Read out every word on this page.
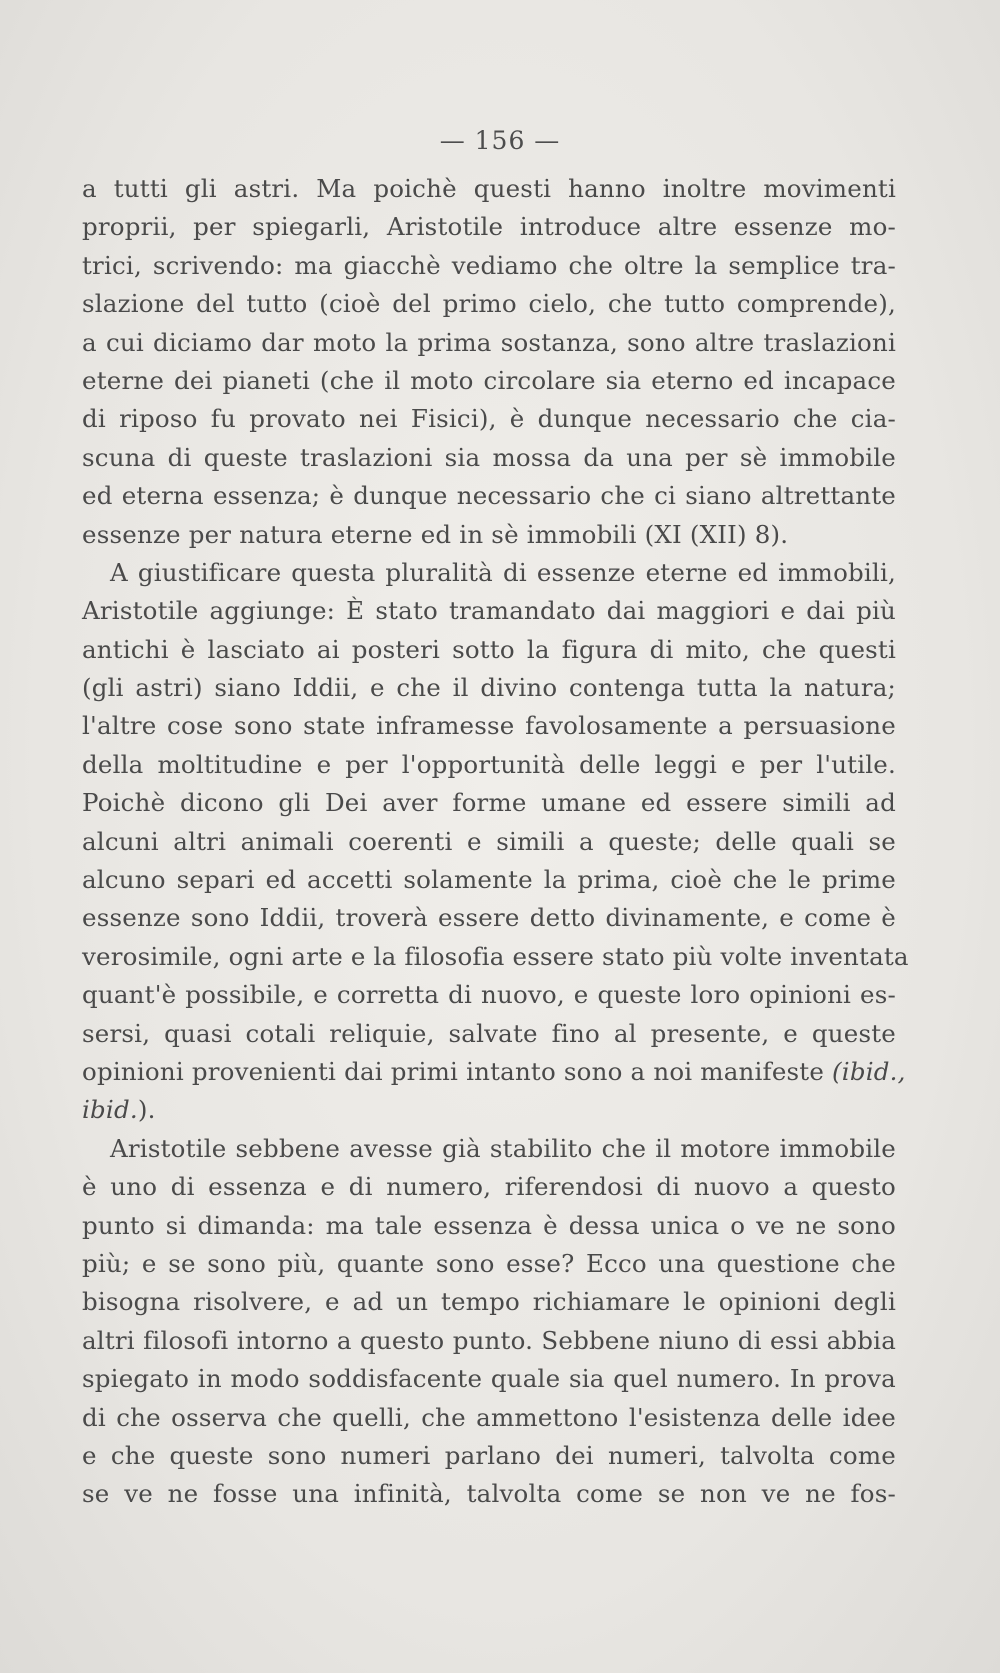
— 156 —
a tutti gli astri. Ma poichè questi hanno inoltre movimenti
proprii, per spiegarli, Aristotile introduce altre essenze mo-
trici, scrivendo: ma giacchè vediamo che oltre la semplice tra-
slazione del tutto (cioè del primo cielo, che tutto comprende),
a cui diciamo dar moto la prima sostanza, sono altre traslazioni
eterne dei pianeti (che il moto circolare sia eterno ed incapace
di riposo fu provato nei Fisici), è dunque necessario che cia-
scuna di queste traslazioni sia mossa da una per sè immobile
ed eterna essenza; è dunque necessario che ci siano altrettante
essenze per natura eterne ed in sè immobili (XI (XII) 8).
A giustificare questa pluralità di essenze eterne ed immobili,
Aristotile aggiunge: È stato tramandato dai maggiori e dai più
antichi è lasciato ai posteri sotto la figura di mito, che questi
(gli astri) siano Iddii, e che il divino contenga tutta la natura;
l'altre cose sono state inframesse favolosamente a persuasione
della moltitudine e per l'opportunità delle leggi e per l'utile.
Poichè dicono gli Dei aver forme umane ed essere simili ad
alcuni altri animali coerenti e simili a queste; delle quali se
alcuno separi ed accetti solamente la prima, cioè che le prime
essenze sono Iddii, troverà essere detto divinamente, e come è
verosimile, ogni arte e la filosofia essere stato più volte inventata
quant'è possibile, e corretta di nuovo, e queste loro opinioni es-
sersi, quasi cotali reliquie, salvate fino al presente, e queste
opinioni provenienti dai primi intanto sono a noi manifeste (ibid.,
ibid.).
Aristotile sebbene avesse già stabilito che il motore immobile
è uno di essenza e di numero, riferendosi di nuovo a questo
punto si dimanda: ma tale essenza è dessa unica o ve ne sono
più; e se sono più, quante sono esse? Ecco una questione che
bisogna risolvere, e ad un tempo richiamare le opinioni degli
altri filosofi intorno a questo punto. Sebbene niuno di essi abbia
spiegato in modo soddisfacente quale sia quel numero. In prova
di che osserva che quelli, che ammettono l'esistenza delle idee
e che queste sono numeri parlano dei numeri, talvolta come
se ve ne fosse una infinità, talvolta come se non ve ne fos-
